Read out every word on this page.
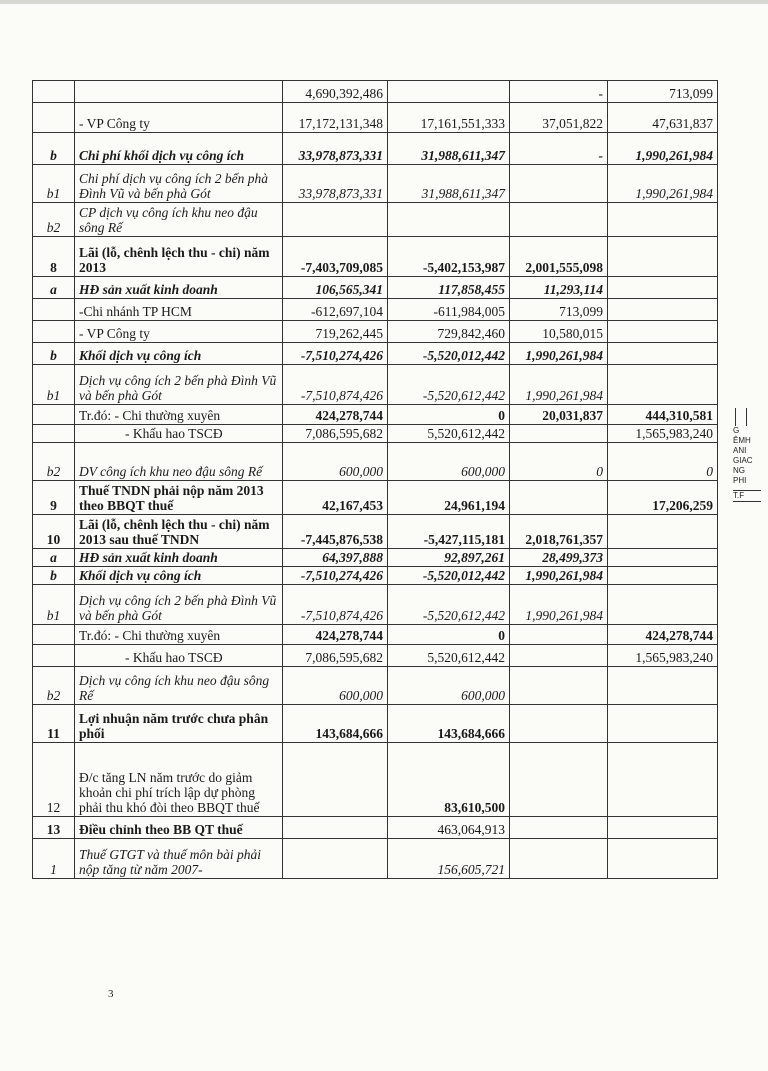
		4,690,392,486		-	713,099
	- VP Công ty	17,172,131,348	17,161,551,333	37,051,822	47,631,837
b	Chi phí khối dịch vụ công ích	33,978,873,331	31,988,611,347	-	1,990,261,984
b1	Chi phí dịch vụ công ích 2 bến phà Đình Vũ và bến phà Gót	33,978,873,331	31,988,611,347		1,990,261,984
b2	CP dịch vụ công ích khu neo đậu sông Rế				
8	Lãi (lỗ, chênh lệch thu - chi) năm 2013	-7,403,709,085	-5,402,153,987	2,001,555,098	
a	HĐ sản xuất kinh doanh	106,565,341	117,858,455	11,293,114	
	-Chi nhánh TP HCM	-612,697,104	-611,984,005	713,099	
	- VP Công ty	719,262,445	729,842,460	10,580,015	
b	Khối dịch vụ công ích	-7,510,274,426	-5,520,012,442	1,990,261,984	
b1	Dịch vụ công ích 2 bến phà Đình Vũ và bến phà Gót	-7,510,874,426	-5,520,612,442	1,990,261,984	
	Tr.đó: - Chi thường xuyên	424,278,744	0	20,031,837	444,310,581
	- Khấu hao TSCĐ	7,086,595,682	5,520,612,442		1,565,983,240
b2	DV công ích khu neo đậu sông Rế	600,000	600,000	0	0
9	Thuế TNDN phải nộp năm 2013 theo BBQT thuế	42,167,453	24,961,194		17,206,259
10	Lãi (lỗ, chênh lệch thu - chi) năm 2013 sau thuế TNDN	-7,445,876,538	-5,427,115,181	2,018,761,357	
a	HĐ sản xuất kinh doanh	64,397,888	92,897,261	28,499,373	
b	Khối dịch vụ công ích	-7,510,274,426	-5,520,012,442	1,990,261,984	
b1	Dịch vụ công ích 2 bến phà Đình Vũ và bến phà Gót	-7,510,874,426	-5,520,612,442	1,990,261,984	
	Tr.đó: - Chi thường xuyên	424,278,744	0		424,278,744
	- Khấu hao TSCĐ	7,086,595,682	5,520,612,442		1,565,983,240
b2	Dịch vụ công ích khu neo đậu sông Rế	600,000	600,000		
11	Lợi nhuận năm trước chưa phân phối	143,684,666	143,684,666		
12	Đ/c tăng LN năm trước do giảm khoản chi phí trích lập dự phòng phải thu khó đòi theo BBQT thuế		83,610,500		
13	Điều chỉnh theo BB QT thuế		463,064,913		
1	Thuế GTGT và thuế môn bài phải nộp tăng từ năm 2007-		156,605,721		
3
G
ÊMH
ANI
GIAC
NG
PHI
T.F
